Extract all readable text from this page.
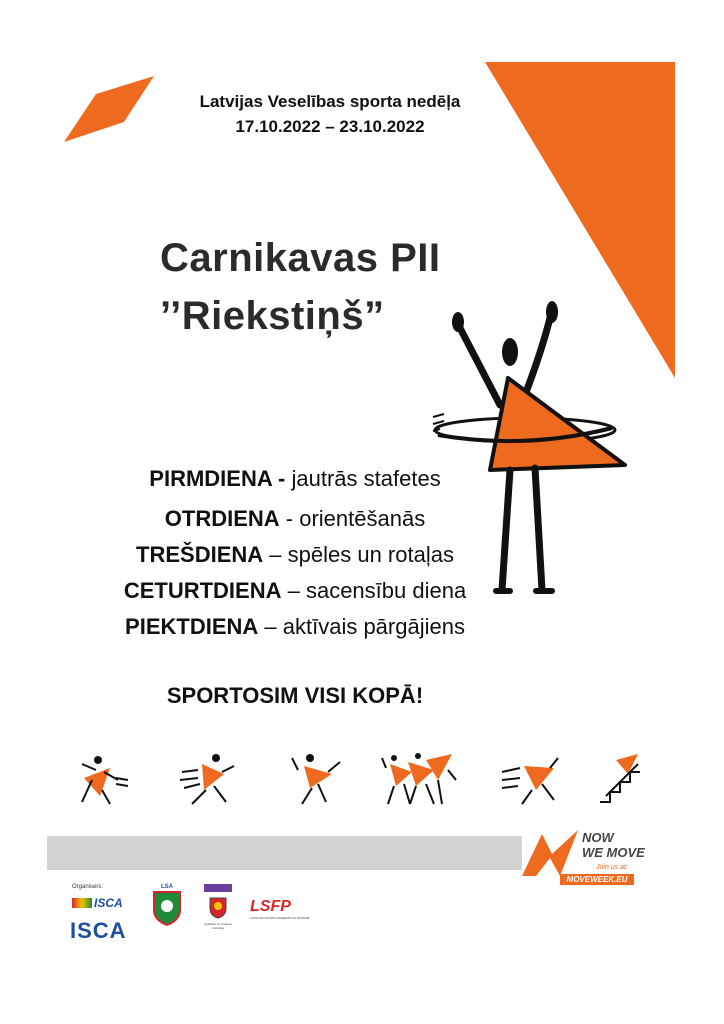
Latvijas Veselības sporta nedēļa
17.10.2022 – 23.10.2022
Carnikavas PII
’’Riekstiņš”
PIRMDIENA - jautrās stafetes
OTRDIENA - orientēšanās
TREŠDIENA – spēles un rotaļas
CETURTDIENA – sacensību diena
PIEKTDIENA – aktīvais pārgājiens
SPORTOSIM VISI KOPĀ!
NOW
WE MOVE
Join us at:
MOVEWEEK.EU
Organisers:
ISCA
ISCA
LSA
Izglītības un zinātnes ministrija
LSFP
LATVIJAS SPORTA FEDERĀCIJU PADOME
